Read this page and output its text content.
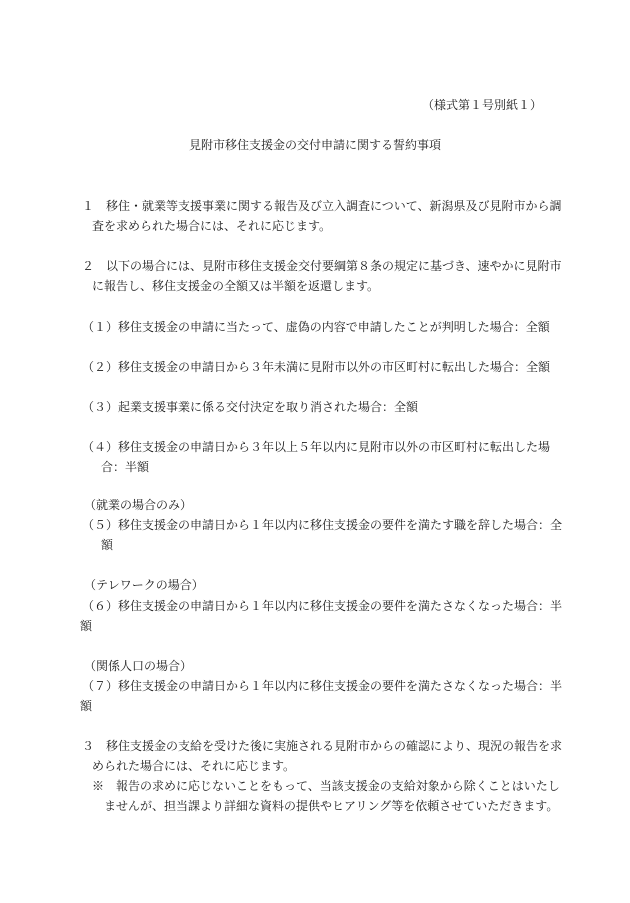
（様式第１号別紙１）
見附市移住支援金の交付申請に関する誓約事項
１　移住・就業等支援事業に関する報告及び立入調査について、新潟県及び見附市から調
査を求められた場合には、それに応じます。
２　以下の場合には、見附市移住支援金交付要綱第８条の規定に基づき、速やかに見附市
に報告し、移住支援金の全額又は半額を返還します。
（１）移住支援金の申請に当たって、虚偽の内容で申請したことが判明した場合：全額
（２）移住支援金の申請日から３年未満に見附市以外の市区町村に転出した場合：全額
（３）起業支援事業に係る交付決定を取り消された場合：全額
（４）移住支援金の申請日から３年以上５年以内に見附市以外の市区町村に転出した場
合：半額
（就業の場合のみ）
（５）移住支援金の申請日から１年以内に移住支援金の要件を満たす職を辞した場合：全
額
（テレワークの場合）
（６）移住支援金の申請日から１年以内に移住支援金の要件を満たさなくなった場合：半
額
（関係人口の場合）
（７）移住支援金の申請日から１年以内に移住支援金の要件を満たさなくなった場合：半
額
３　移住支援金の支給を受けた後に実施される見附市からの確認により、現況の報告を求
められた場合には、それに応じます。
※　報告の求めに応じないことをもって、当該支援金の支給対象から除くことはいたし
ませんが、担当課より詳細な資料の提供やヒアリング等を依頼させていただきます。
